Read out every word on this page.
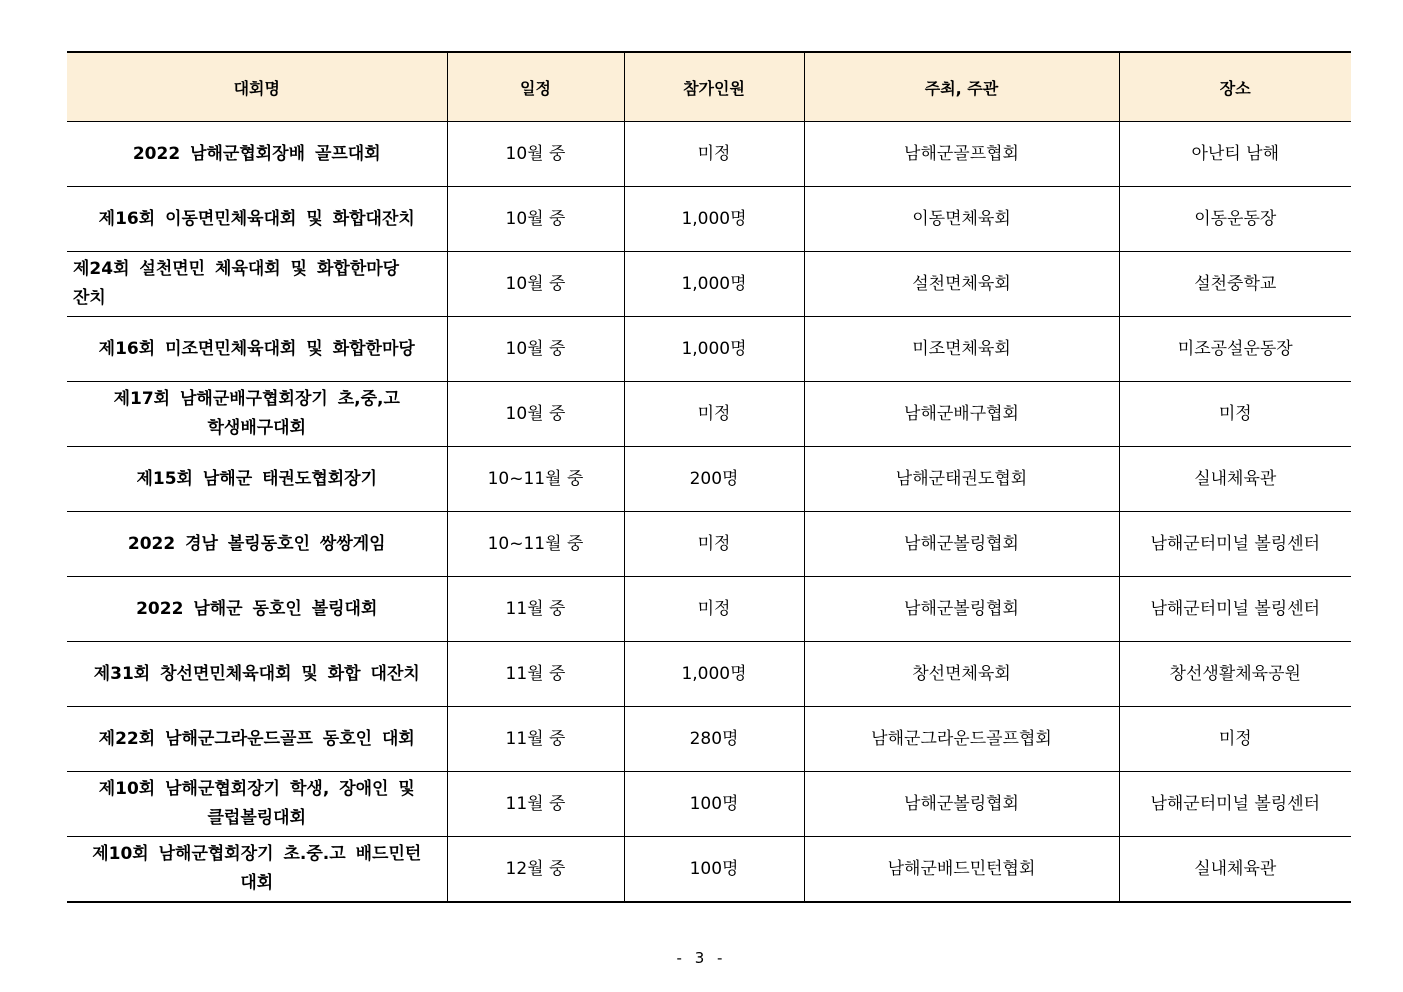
대회명	일정	참가인원	주최, 주관	장소
2022 남해군협회장배 골프대회	10월 중	미정	남해군골프협회	아난티 남해
제16회 이동면민체육대회 및 화합대잔치	10월 중	1,000명	이동면체육회	이동운동장
제24회 설천면민 체육대회 및 화합한마당 잔치	10월 중	1,000명	설천면체육회	설천중학교
제16회 미조면민체육대회 및 화합한마당	10월 중	1,000명	미조면체육회	미조공설운동장
제17회 남해군배구협회장기 초,중,고 학생배구대회	10월 중	미정	남해군배구협회	미정
제15회 남해군 태권도협회장기	10~11월 중	200명	남해군태권도협회	실내체육관
2022 경남 볼링동호인 쌍쌍게임	10~11월 중	미정	남해군볼링협회	남해군터미널 볼링센터
2022 남해군 동호인 볼링대회	11월 중	미정	남해군볼링협회	남해군터미널 볼링센터
제31회 창선면민체육대회 및 화합 대잔치	11월 중	1,000명	창선면체육회	창선생활체육공원
제22회 남해군그라운드골프 동호인 대회	11월 중	280명	남해군그라운드골프협회	미정
제10회 남해군협회장기 학생, 장애인 및 클럽볼링대회	11월 중	100명	남해군볼링협회	남해군터미널 볼링센터
제10회 남해군협회장기 초.중.고 배드민턴 대회	12월 중	100명	남해군배드민턴협회	실내체육관
- 3 -
